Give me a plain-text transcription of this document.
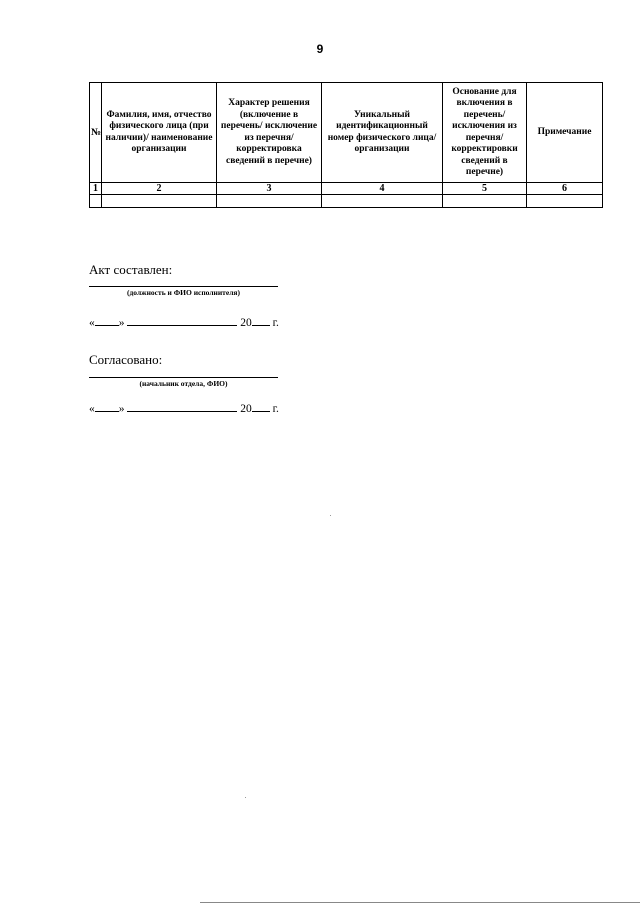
9
№	Фамилия, имя, отчество физического лица (при наличии)/ наименование организации	Характер решения (включение в перечень/ исключение из перечня/ корректировка сведений в перечне)	Уникальный идентификационный номер физического лица/организации	Основание для включения в перечень/ исключения из перечня/ корректировки сведений в перечне)	Примечание
1	2	3	4	5	6

Акт составлен:

(должность и ФИО исполнителя)
« »	20 г.

Согласовано:

(начальник отдела, ФИО)
« »	20 г.
